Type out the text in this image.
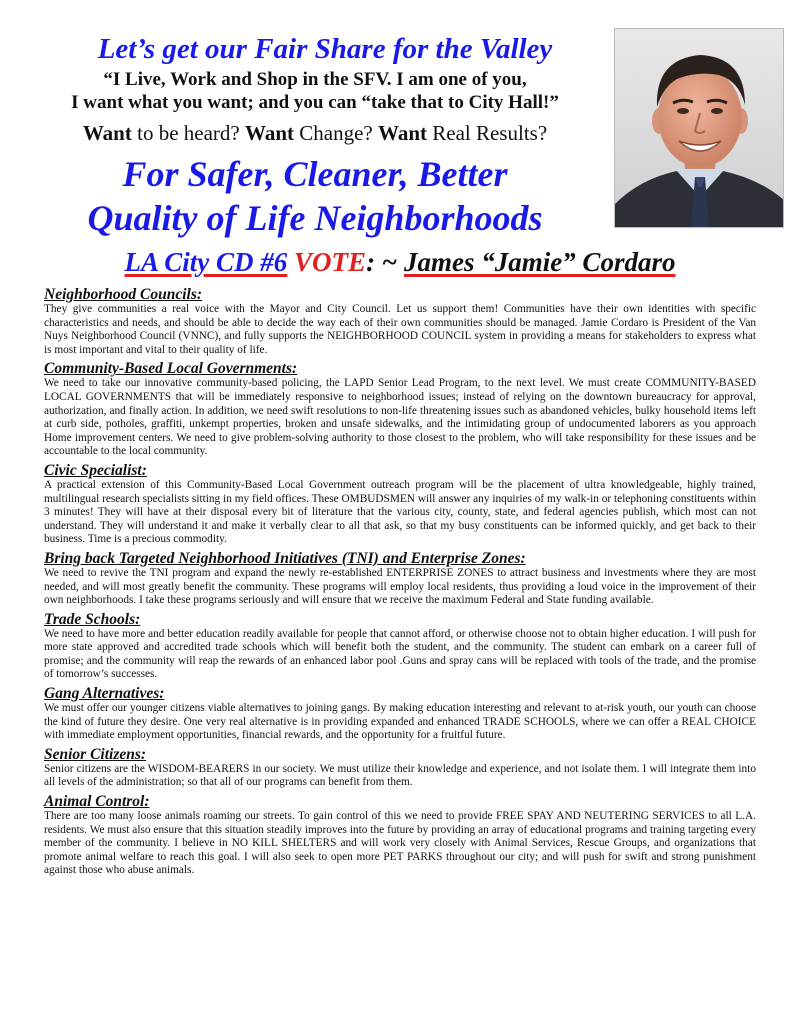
Let’s get our Fair Share for the Valley
“I Live, Work and Shop in the SFV. I am one of you,
I want what you want; and you can “take that to City Hall!”
Want to be heard? Want Change? Want Real Results?
For Safer, Cleaner, Better
Quality of Life Neighborhoods
LA City CD #6 VOTE: ~ James “Jamie” Cordaro
Neighborhood Councils:
They give communities a real voice with the Mayor and City Council. Let us support them! Communities have their own identities with specific characteristics and needs, and should be able to decide the way each of their own communities should be managed. Jamie Cordaro is President of the Van Nuys Neighborhood Council (VNNC), and fully supports the NEIGHBORHOOD COUNCIL system in providing a means for stakeholders to express what is most important and vital to their quality of life.
Community-Based Local Governments:
We need to take our innovative community-based policing, the LAPD Senior Lead Program, to the next level. We must create COMMUNITY-BASED LOCAL GOVERNMENTS that will be immediately responsive to neighborhood issues; instead of relying on the downtown bureaucracy for approval, authorization, and finally action. In addition, we need swift resolutions to non-life threatening issues such as abandoned vehicles, bulky household items left at curb side, potholes, graffiti, unkempt properties, broken and unsafe sidewalks, and the intimidating group of undocumented laborers as you approach Home improvement centers. We need to give problem-solving authority to those closest to the problem, who will take responsibility for these issues and be accountable to the local community.
Civic Specialist:
A practical extension of this Community-Based Local Government outreach program will be the placement of ultra knowledgeable, highly trained, multilingual research specialists sitting in my field offices. These OMBUDSMEN will answer any inquiries of my walk-in or telephoning constituents within 3 minutes! They will have at their disposal every bit of literature that the various city, county, state, and federal agencies publish, which most can not understand. They will understand it and make it verbally clear to all that ask, so that my busy constituents can be informed quickly, and get back to their business. Time is a precious commodity.
Bring back Targeted Neighborhood Initiatives (TNI) and Enterprise Zones:
We need to revive the TNI program and expand the newly re-established ENTERPRISE ZONES to attract business and investments where they are most needed, and will most greatly benefit the community. These programs will employ local residents, thus providing a loud voice in the improvement of their own neighborhoods. I take these programs seriously and will ensure that we receive the maximum Federal and State funding available.
Trade Schools:
We need to have more and better education readily available for people that cannot afford, or otherwise choose not to obtain higher education. I will push for more state approved and accredited trade schools which will benefit both the student, and the community. The student can embark on a career full of promise; and the community will reap the rewards of an enhanced labor pool .Guns and spray cans will be replaced with tools of the trade, and the promise of tomorrow’s successes.
Gang Alternatives:
We must offer our younger citizens viable alternatives to joining gangs. By making education interesting and relevant to at-risk youth, our youth can choose the kind of future they desire. One very real alternative is in providing expanded and enhanced TRADE SCHOOLS, where we can offer a REAL CHOICE with immediate employment opportunities, financial rewards, and the opportunity for a fruitful future.
Senior Citizens:
Senior citizens are the WISDOM-BEARERS in our society. We must utilize their knowledge and experience, and not isolate them. I will integrate them into all levels of the administration; so that all of our programs can benefit from them.
Animal Control:
There are too many loose animals roaming our streets. To gain control of this we need to provide FREE SPAY AND NEUTERING SERVICES to all L.A. residents. We must also ensure that this situation steadily improves into the future by providing an array of educational programs and training targeting every member of the community. I believe in NO KILL SHELTERS and will work very closely with Animal Services, Rescue Groups, and organizations that promote animal welfare to reach this goal. I will also seek to open more PET PARKS throughout our city; and will push for swift and strong punishment against those who abuse animals.
